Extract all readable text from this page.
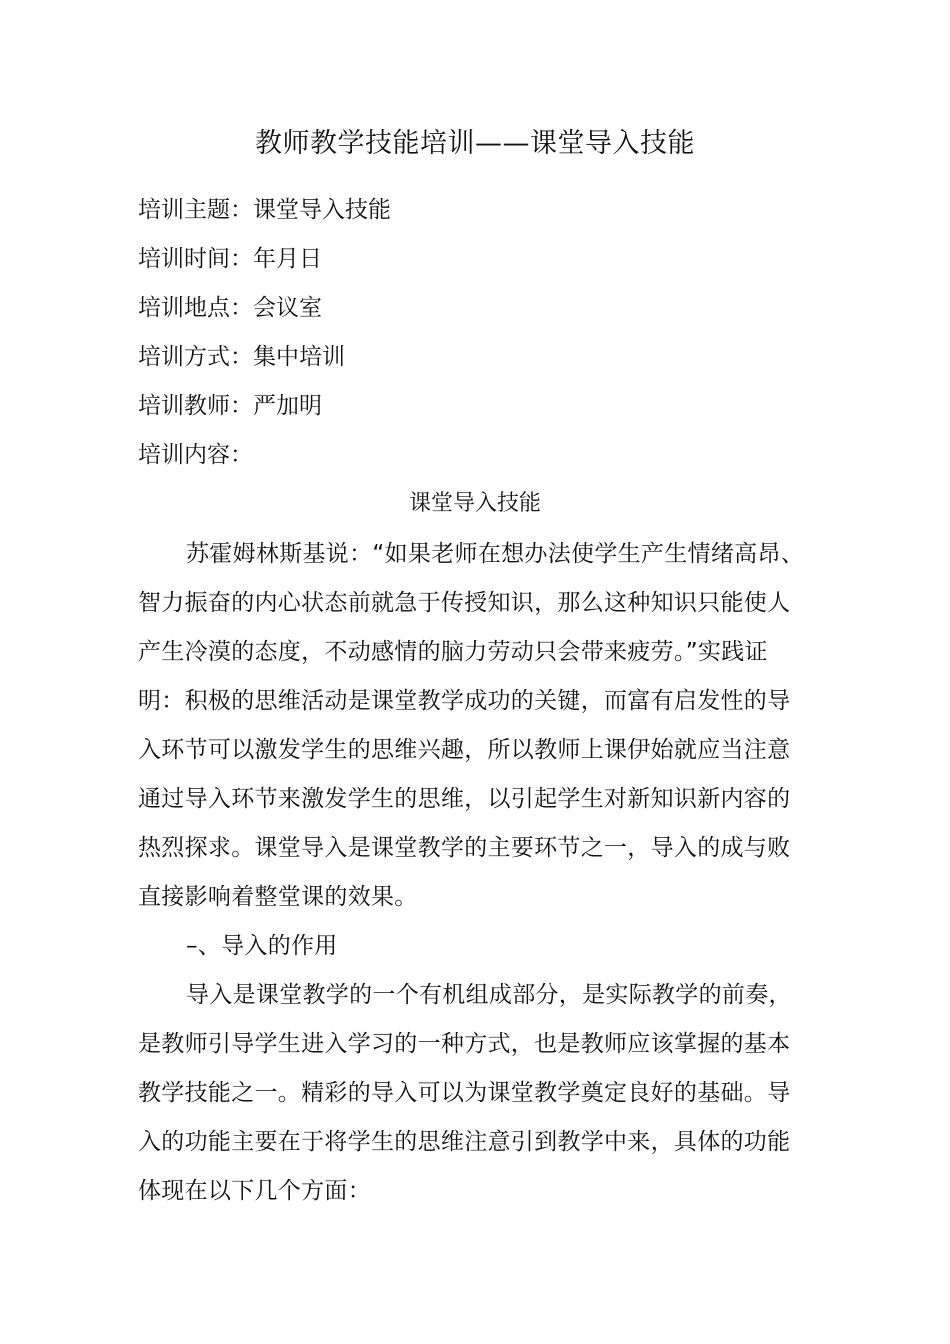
教师教学技能培训——课堂导入技能
培训主题：课堂导入技能
培训时间：年月日
培训地点：会议室
培训方式：集中培训
培训教师：严加明
培训内容：
课堂导入技能
苏霍姆林斯基说：“如果老师在想办法使学生产生情绪高昂、
智力振奋的内心状态前就急于传授知识，那么这种知识只能使人
产生冷漠的态度，不动感情的脑力劳动只会带来疲劳。”实践证
明：积极的思维活动是课堂教学成功的关键，而富有启发性的导
入环节可以激发学生的思维兴趣，所以教师上课伊始就应当注意
通过导入环节来激发学生的思维，以引起学生对新知识新内容的
热烈探求。课堂导入是课堂教学的主要环节之一，导入的成与败
直接影响着整堂课的效果。
–、导入的作用
导入是课堂教学的一个有机组成部分，是实际教学的前奏，
是教师引导学生进入学习的一种方式，也是教师应该掌握的基本
教学技能之一。精彩的导入可以为课堂教学奠定良好的基础。导
入的功能主要在于将学生的思维注意引到教学中来，具体的功能
体现在以下几个方面：
